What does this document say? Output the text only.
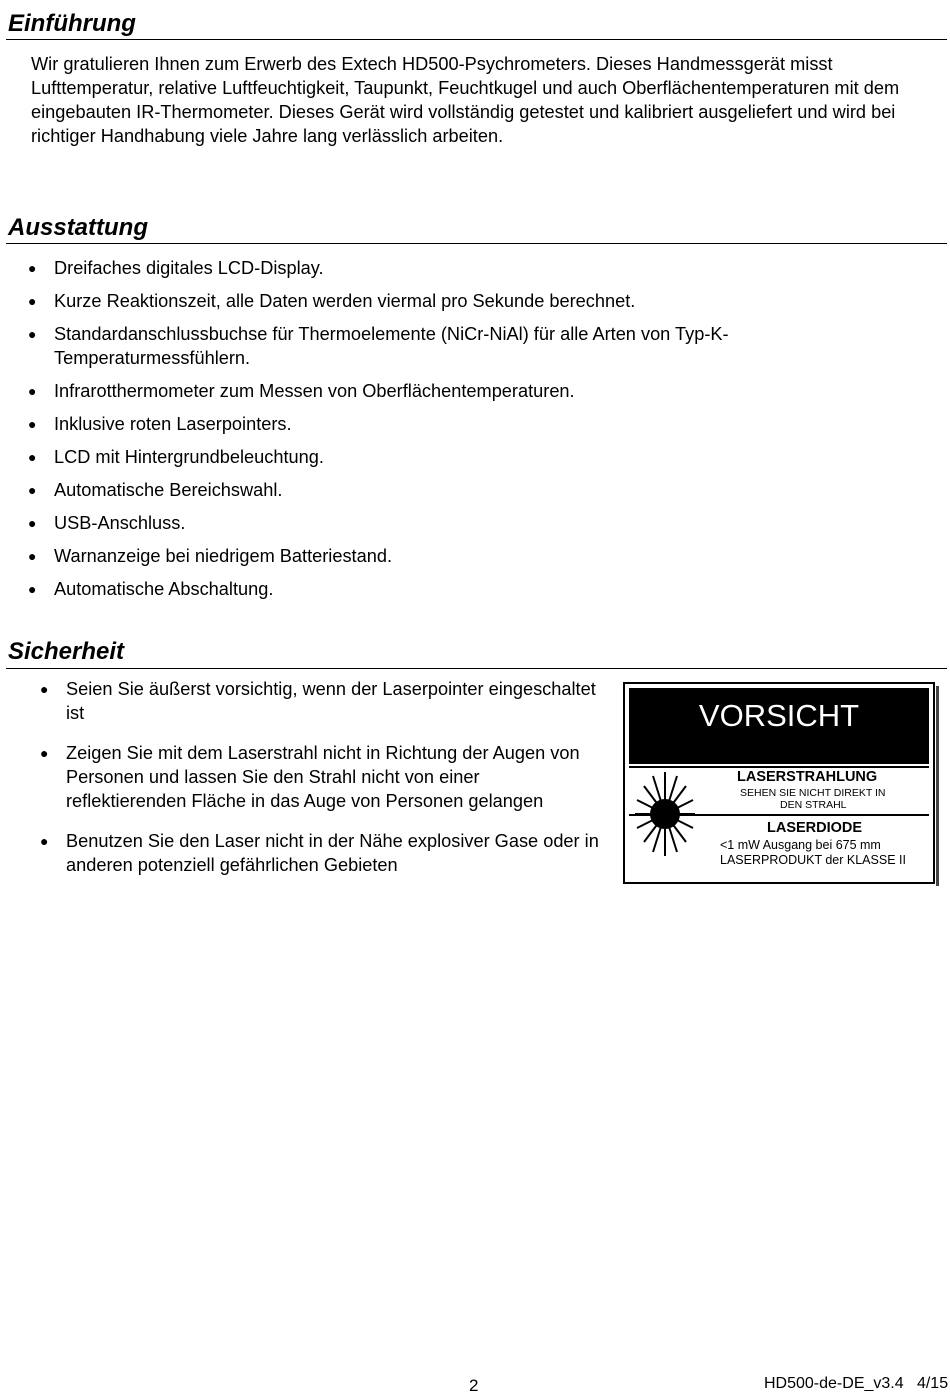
Einführung

Wir gratulieren Ihnen zum Erwerb des Extech HD500-Psychrometers. Dieses Handmessgerät misst Lufttemperatur, relative Luftfeuchtigkeit, Taupunkt, Feuchtkugel und auch Oberflächentemperaturen mit dem eingebauten IR-Thermometer. Dieses Gerät wird vollständig getestet und kalibriert ausgeliefert und wird bei richtiger Handhabung viele Jahre lang verlässlich arbeiten.

Ausstattung
● Dreifaches digitales LCD-Display.
● Kurze Reaktionszeit, alle Daten werden viermal pro Sekunde berechnet.
● Standardanschlussbuchse für Thermoelemente (NiCr-NiAl) für alle Arten von Typ-K-Temperaturmessfühlern.
● Infrarotthermometer zum Messen von Oberflächentemperaturen.
● Inklusive roten Laserpointers.
● LCD mit Hintergrundbeleuchtung.
● Automatische Bereichswahl.
● USB-Anschluss.
● Warnanzeige bei niedrigem Batteriestand.
● Automatische Abschaltung.
Sicherheit
● Seien Sie äußerst vorsichtig, wenn der Laserpointer eingeschaltet ist
● Zeigen Sie mit dem Laserstrahl nicht in Richtung der Augen von Personen und lassen Sie den Strahl nicht von einer reflektierenden Fläche in das Auge von Personen gelangen
● Benutzen Sie den Laser nicht in der Nähe explosiver Gase oder in anderen potenziell gefährlichen Gebieten
VORSICHT
LASERSTRAHLUNG
SEHEN SIE NICHT DIREKT IN
DEN STRAHL
LASERDIODE
<1 mW Ausgang bei 675 mm
LASERPRODUKT der KLASSE II
2	HD500-de-DE_v3.4   4/15
